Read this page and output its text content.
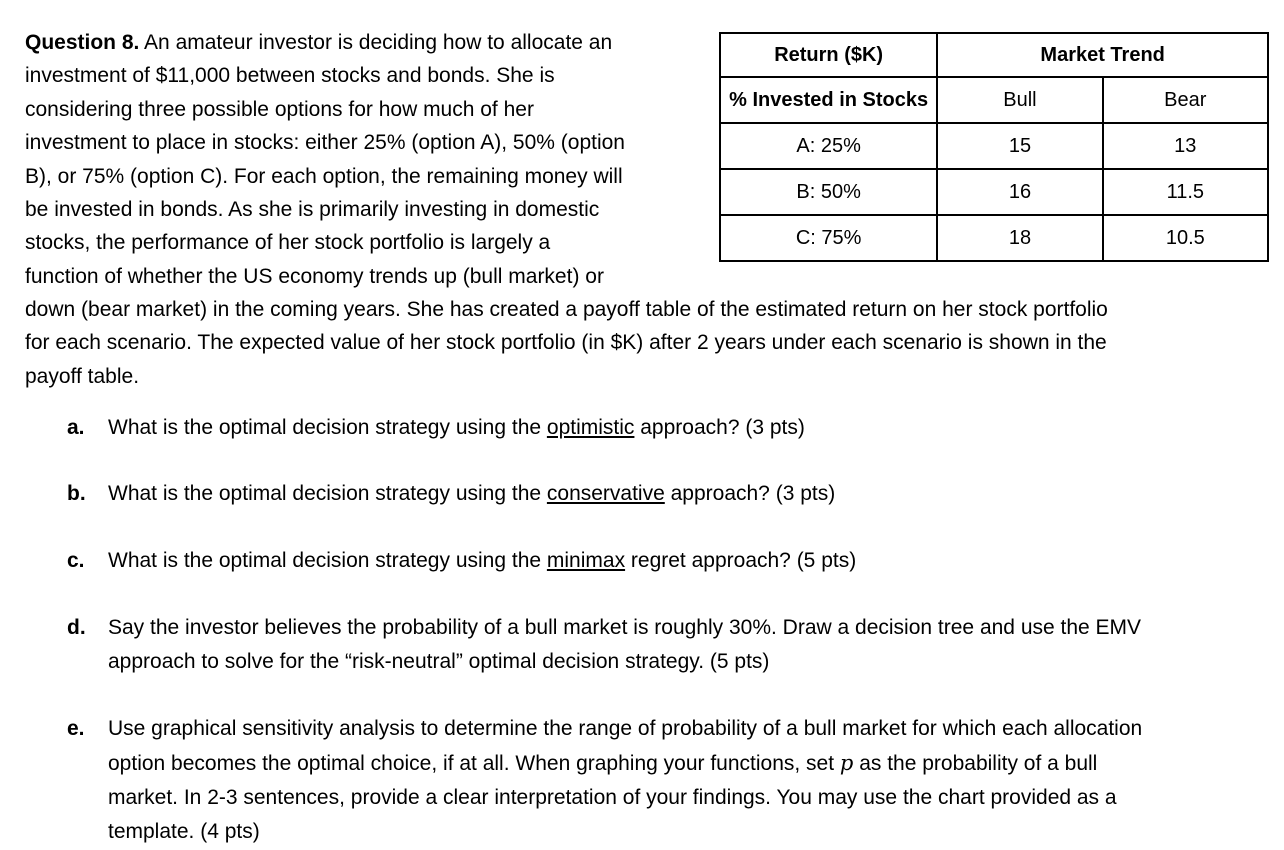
Question 8. An amateur investor is deciding how to allocate an
investment of $11,000 between stocks and bonds. She is
considering three possible options for how much of her
investment to place in stocks: either 25% (option A), 50% (option
B), or 75% (option C). For each option, the remaining money will
be invested in bonds. As she is primarily investing in domestic
stocks, the performance of her stock portfolio is largely a
function of whether the US economy trends up (bull market) or
down (bear market) in the coming years. She has created a payoff table of the estimated return on her stock portfolio
for each scenario. The expected value of her stock portfolio (in $K) after 2 years under each scenario is shown in the
payoff table.
Return ($K)	Market Trend	
% Invested in Stocks	Bull	Bear
A: 25%	15	13
B: 50%	16	11.5
C: 75%	18	10.5
a. What is the optimal decision strategy using the optimistic approach? (3 pts)
b. What is the optimal decision strategy using the conservative approach? (3 pts)
c. What is the optimal decision strategy using the minimax regret approach? (5 pts)
d. Say the investor believes the probability of a bull market is roughly 30%. Draw a decision tree and use the EMV
approach to solve for the “risk-neutral” optimal decision strategy. (5 pts)
e. Use graphical sensitivity analysis to determine the range of probability of a bull market for which each allocation
option becomes the optimal choice, if at all. When graphing your functions, set p as the probability of a bull
market. In 2-3 sentences, provide a clear interpretation of your findings. You may use the chart provided as a
template. (4 pts)
